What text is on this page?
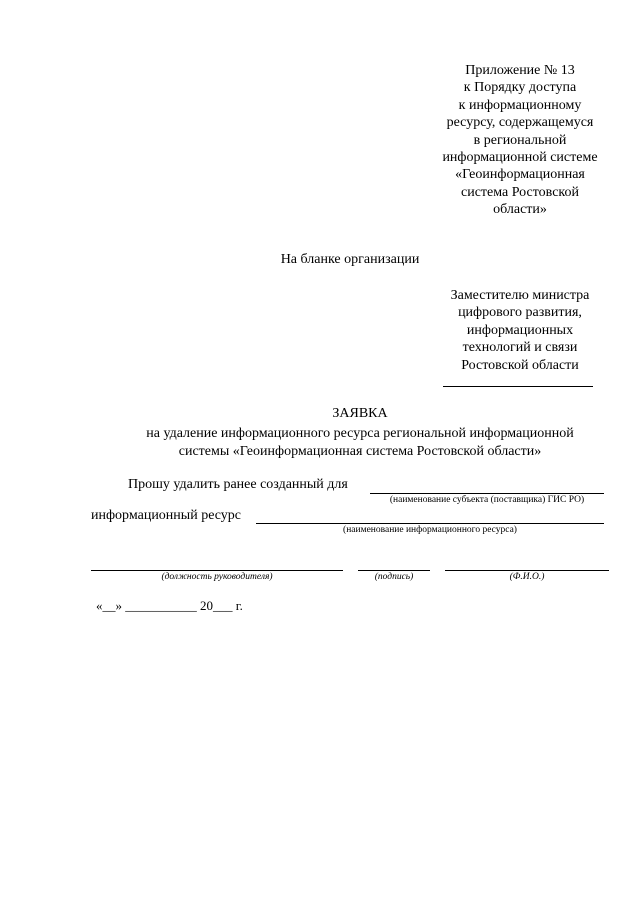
Приложение № 13
к Порядку доступа
к информационному
ресурсу, содержащемуся
в региональной
информационной системе
«Геоинформационная
система Ростовской
области»
На бланке организации
Заместителю министра
цифрового развития,
информационных
технологий и связи
Ростовской области
ЗАЯВКА
на удаление информационного ресурса региональной информационной
системы «Геоинформационная система Ростовской области»
Прошу удалить ранее созданный для
(наименование субъекта (поставщика) ГИС РО)
информационный ресурс
(наименование информационного ресурса)
(должность руководителя)	(подпись)	(Ф.И.О.)
«__» ___________ 20___ г.
